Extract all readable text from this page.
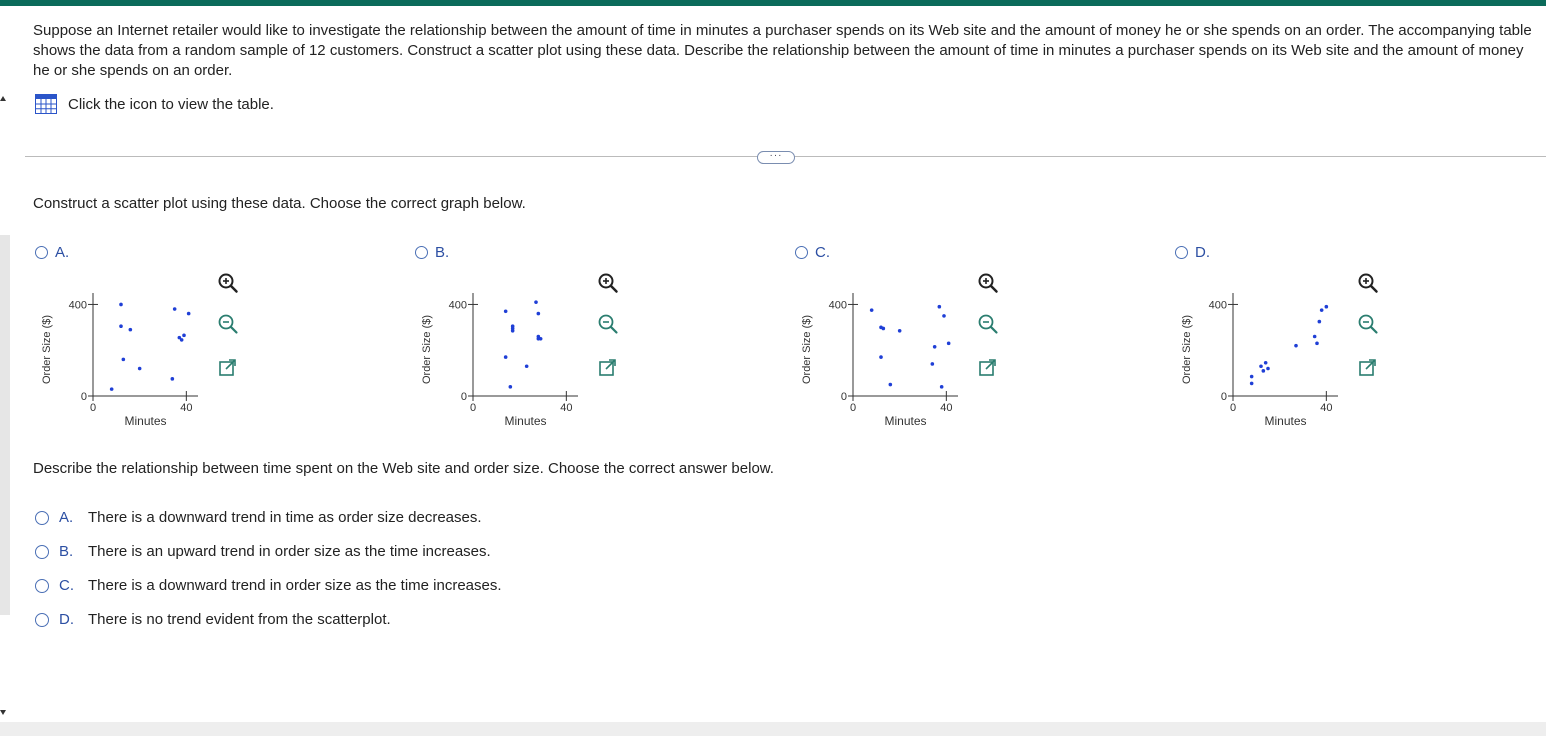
Suppose an Internet retailer would like to investigate the relationship between the amount of time in minutes a purchaser spends on its Web site and the amount of money he or she spends on an order. The accompanying table shows the data from a random sample of 12 customers. Construct a scatter plot using these data. Describe the relationship between the amount of time in minutes a purchaser spends on its Web site and the amount of money he or she spends on an order.
Click the icon to view the table.
···
Construct a scatter plot using these data. Choose the correct graph below.
A.
0
400
0	40
Minutes
Order Size ($)
B.
0
400
0	40
Minutes
Order Size ($)
C.
0
400
0	40
Minutes
Order Size ($)
D.
0
400
0	40
Minutes
Order Size ($)
Describe the relationship between time spent on the Web site and order size. Choose the correct answer below.
A. There is a downward trend in time as order size decreases.
B. There is an upward trend in order size as the time increases.
C. There is a downward trend in order size as the time increases.
D. There is no trend evident from the scatterplot.
